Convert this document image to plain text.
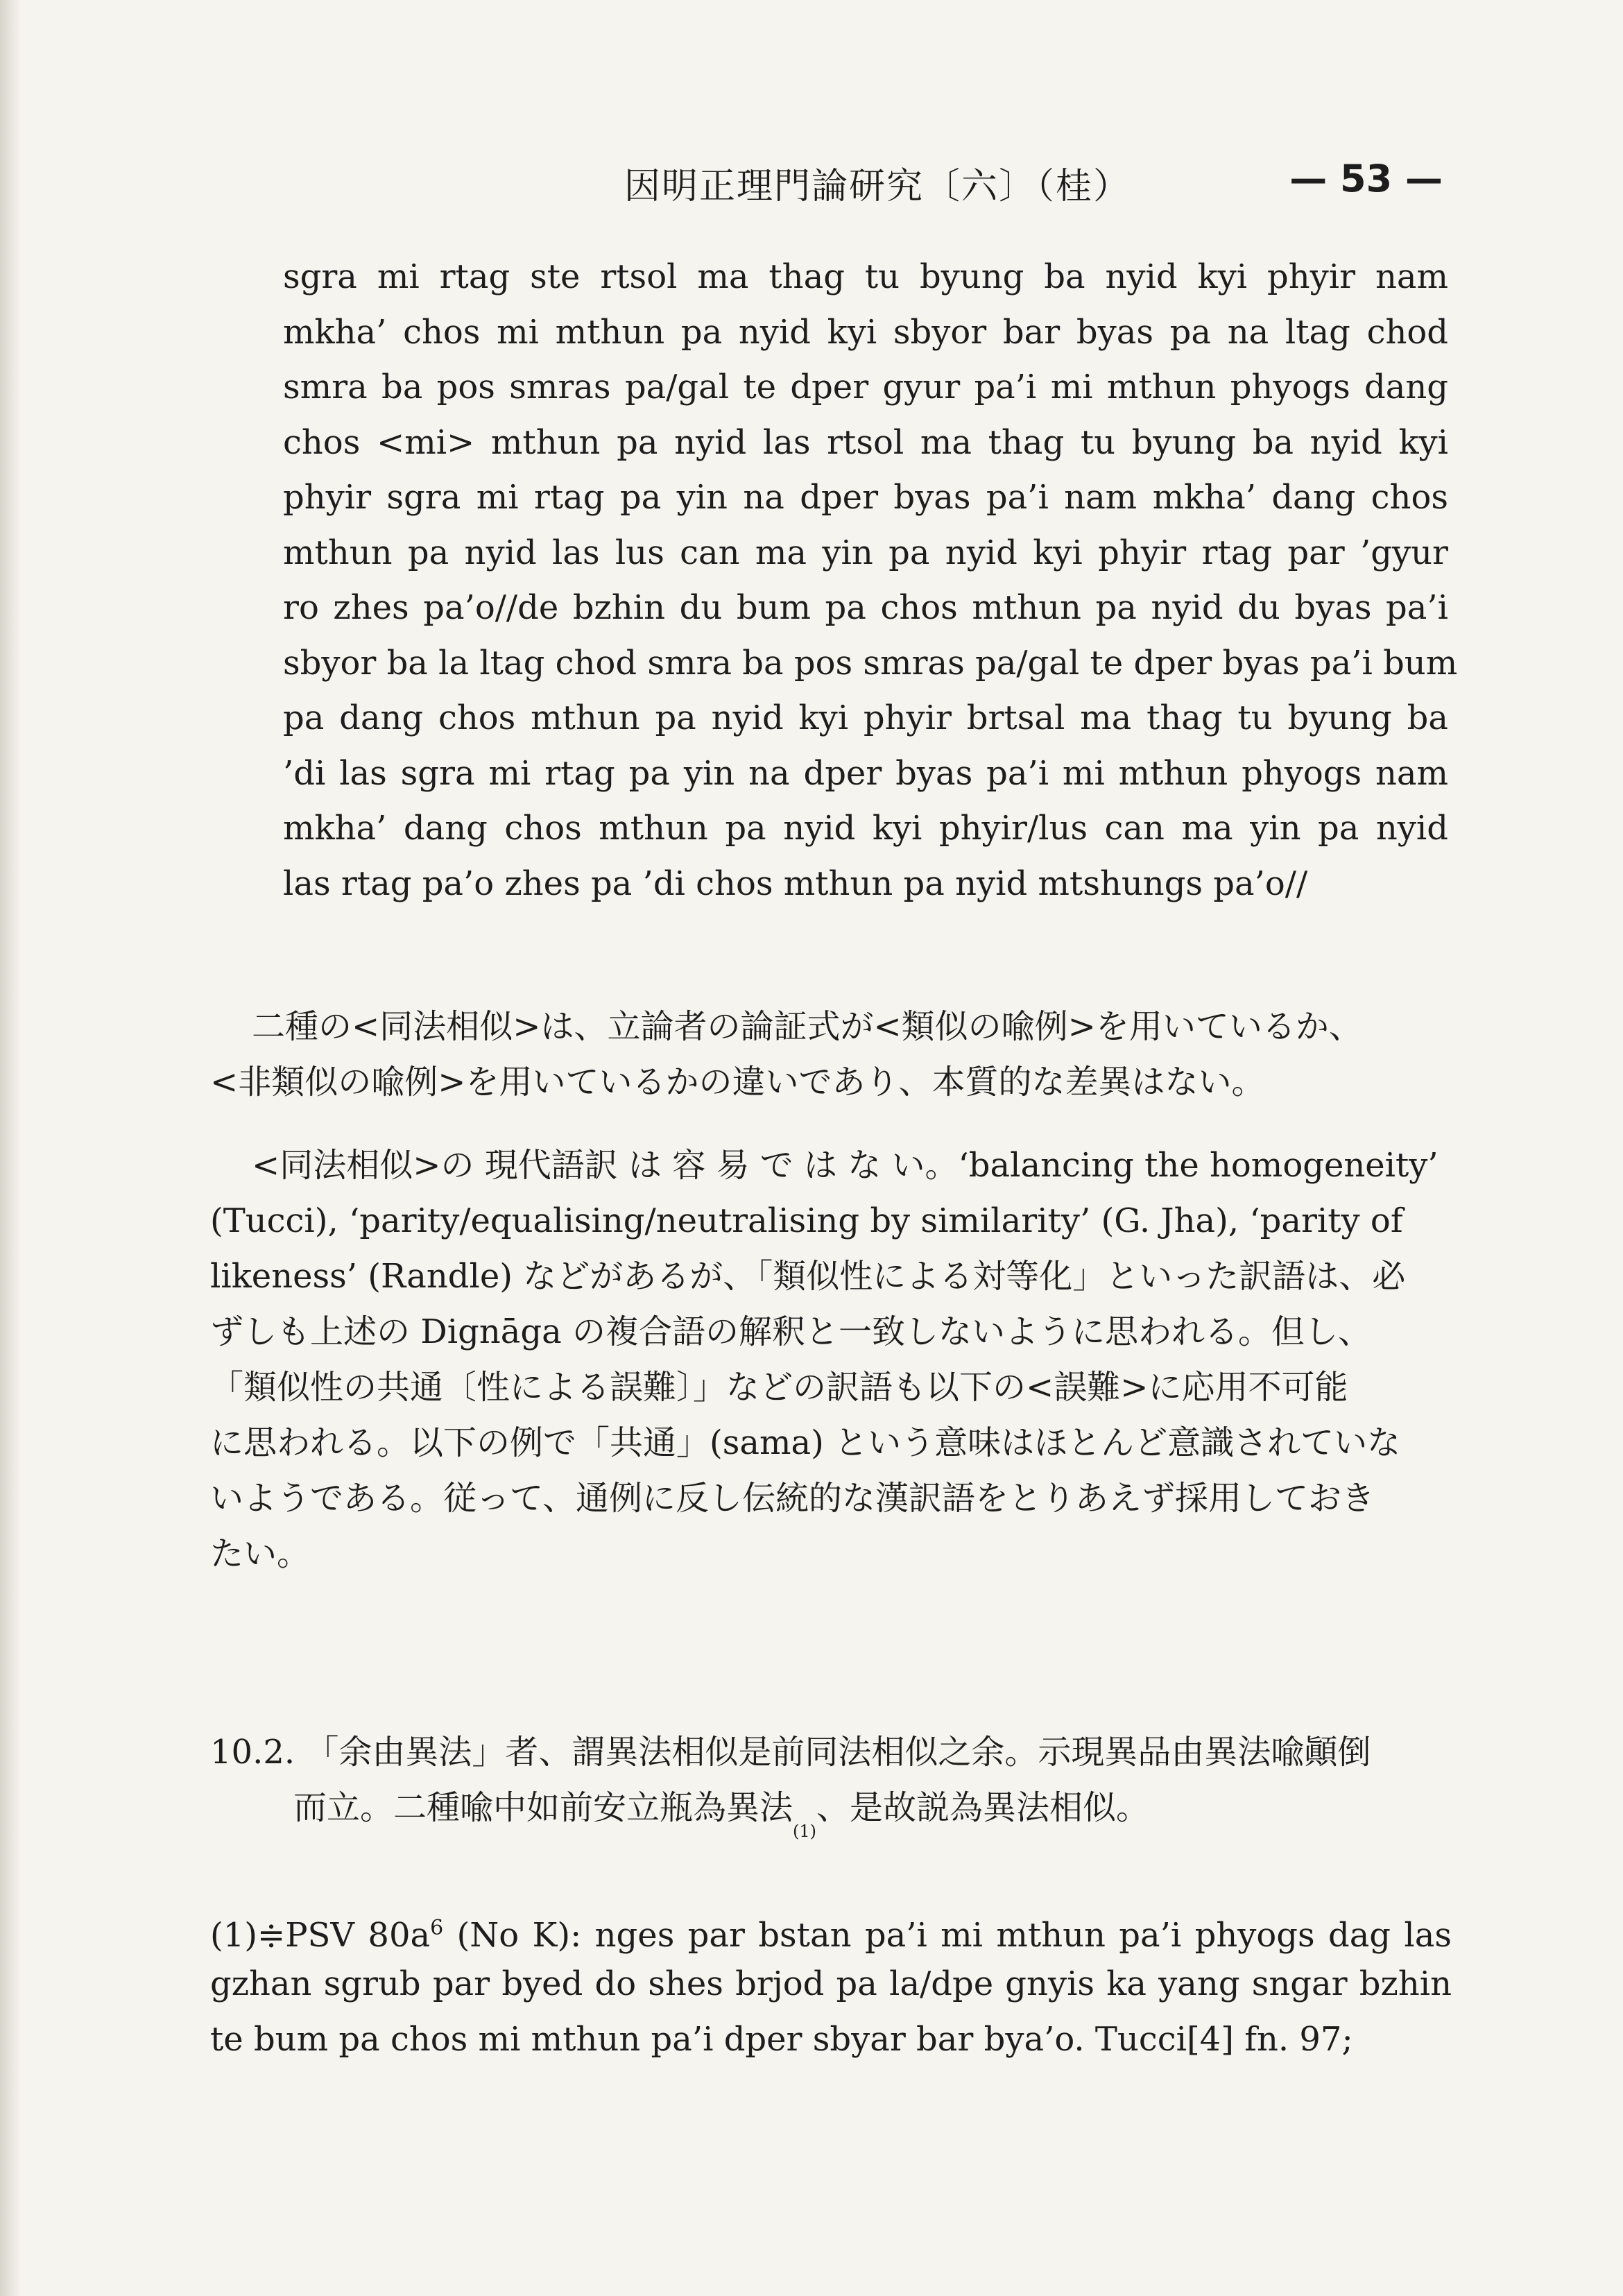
因明正理門論研究〔六〕（桂）	— 53 —
sgra mi rtag ste rtsol ma thag tu byung ba nyid kyi phyir nam
mkha’ chos mi mthun pa nyid kyi sbyor bar byas pa na ltag chod
smra ba pos smras pa/gal te dper gyur pa’i mi mthun phyogs dang
chos <mi> mthun pa nyid las rtsol ma thag tu byung ba nyid kyi
phyir sgra mi rtag pa yin na dper byas pa’i nam mkha’ dang chos
mthun pa nyid las lus can ma yin pa nyid kyi phyir rtag par ’gyur
ro zhes pa’o//de bzhin du bum pa chos mthun pa nyid du byas pa’i
sbyor ba la ltag chod smra ba pos smras pa/gal te dper byas pa’i bum
pa dang chos mthun pa nyid kyi phyir brtsal ma thag tu byung ba
’di las sgra mi rtag pa yin na dper byas pa’i mi mthun phyogs nam
mkha’ dang chos mthun pa nyid kyi phyir/lus can ma yin pa nyid
las rtag pa’o zhes pa ’di chos mthun pa nyid mtshungs pa’o//
二種の<同法相似>は、立論者の論証式が<類似の喩例>を用いているか、
<非類似の喩例>を用いているかの違いであり、本質的な差異はない。
<同法相似>の 現代語訳 は 容 易 で は な い。‘balancing the homogeneity’
(Tucci), ‘parity/equalising/neutralising by similarity’ (G. Jha), ‘parity of
likeness’ (Randle) などがあるが、「類似性による対等化」といった訳語は、必
ずしも上述の Dignāga の複合語の解釈と一致しないように思われる。但し、
「類似性の共通〔性による誤難〕」などの訳語も以下の<誤難>に応用不可能
に思われる。以下の例で「共通」(sama) という意味はほとんど意識されていな
いようである。従って、通例に反し伝統的な漢訳語をとりあえず採用しておき
たい。
10.2. 「余由異法」者、謂異法相似是前同法相似之余。示現異品由異法喩顚倒
而立。二種喩中如前安立瓶為異法$_{(1)}$、是故説為異法相似。
(1)≑PSV $80a^6$ (No K): nges par bstan pa’i mi mthun pa’i phyogs dag las
gzhan sgrub par byed do shes brjod pa la/dpe gnyis ka yang sngar bzhin
te bum pa chos mi mthun pa’i dper sbyar bar bya’o. Tucci[4] fn. 97;
